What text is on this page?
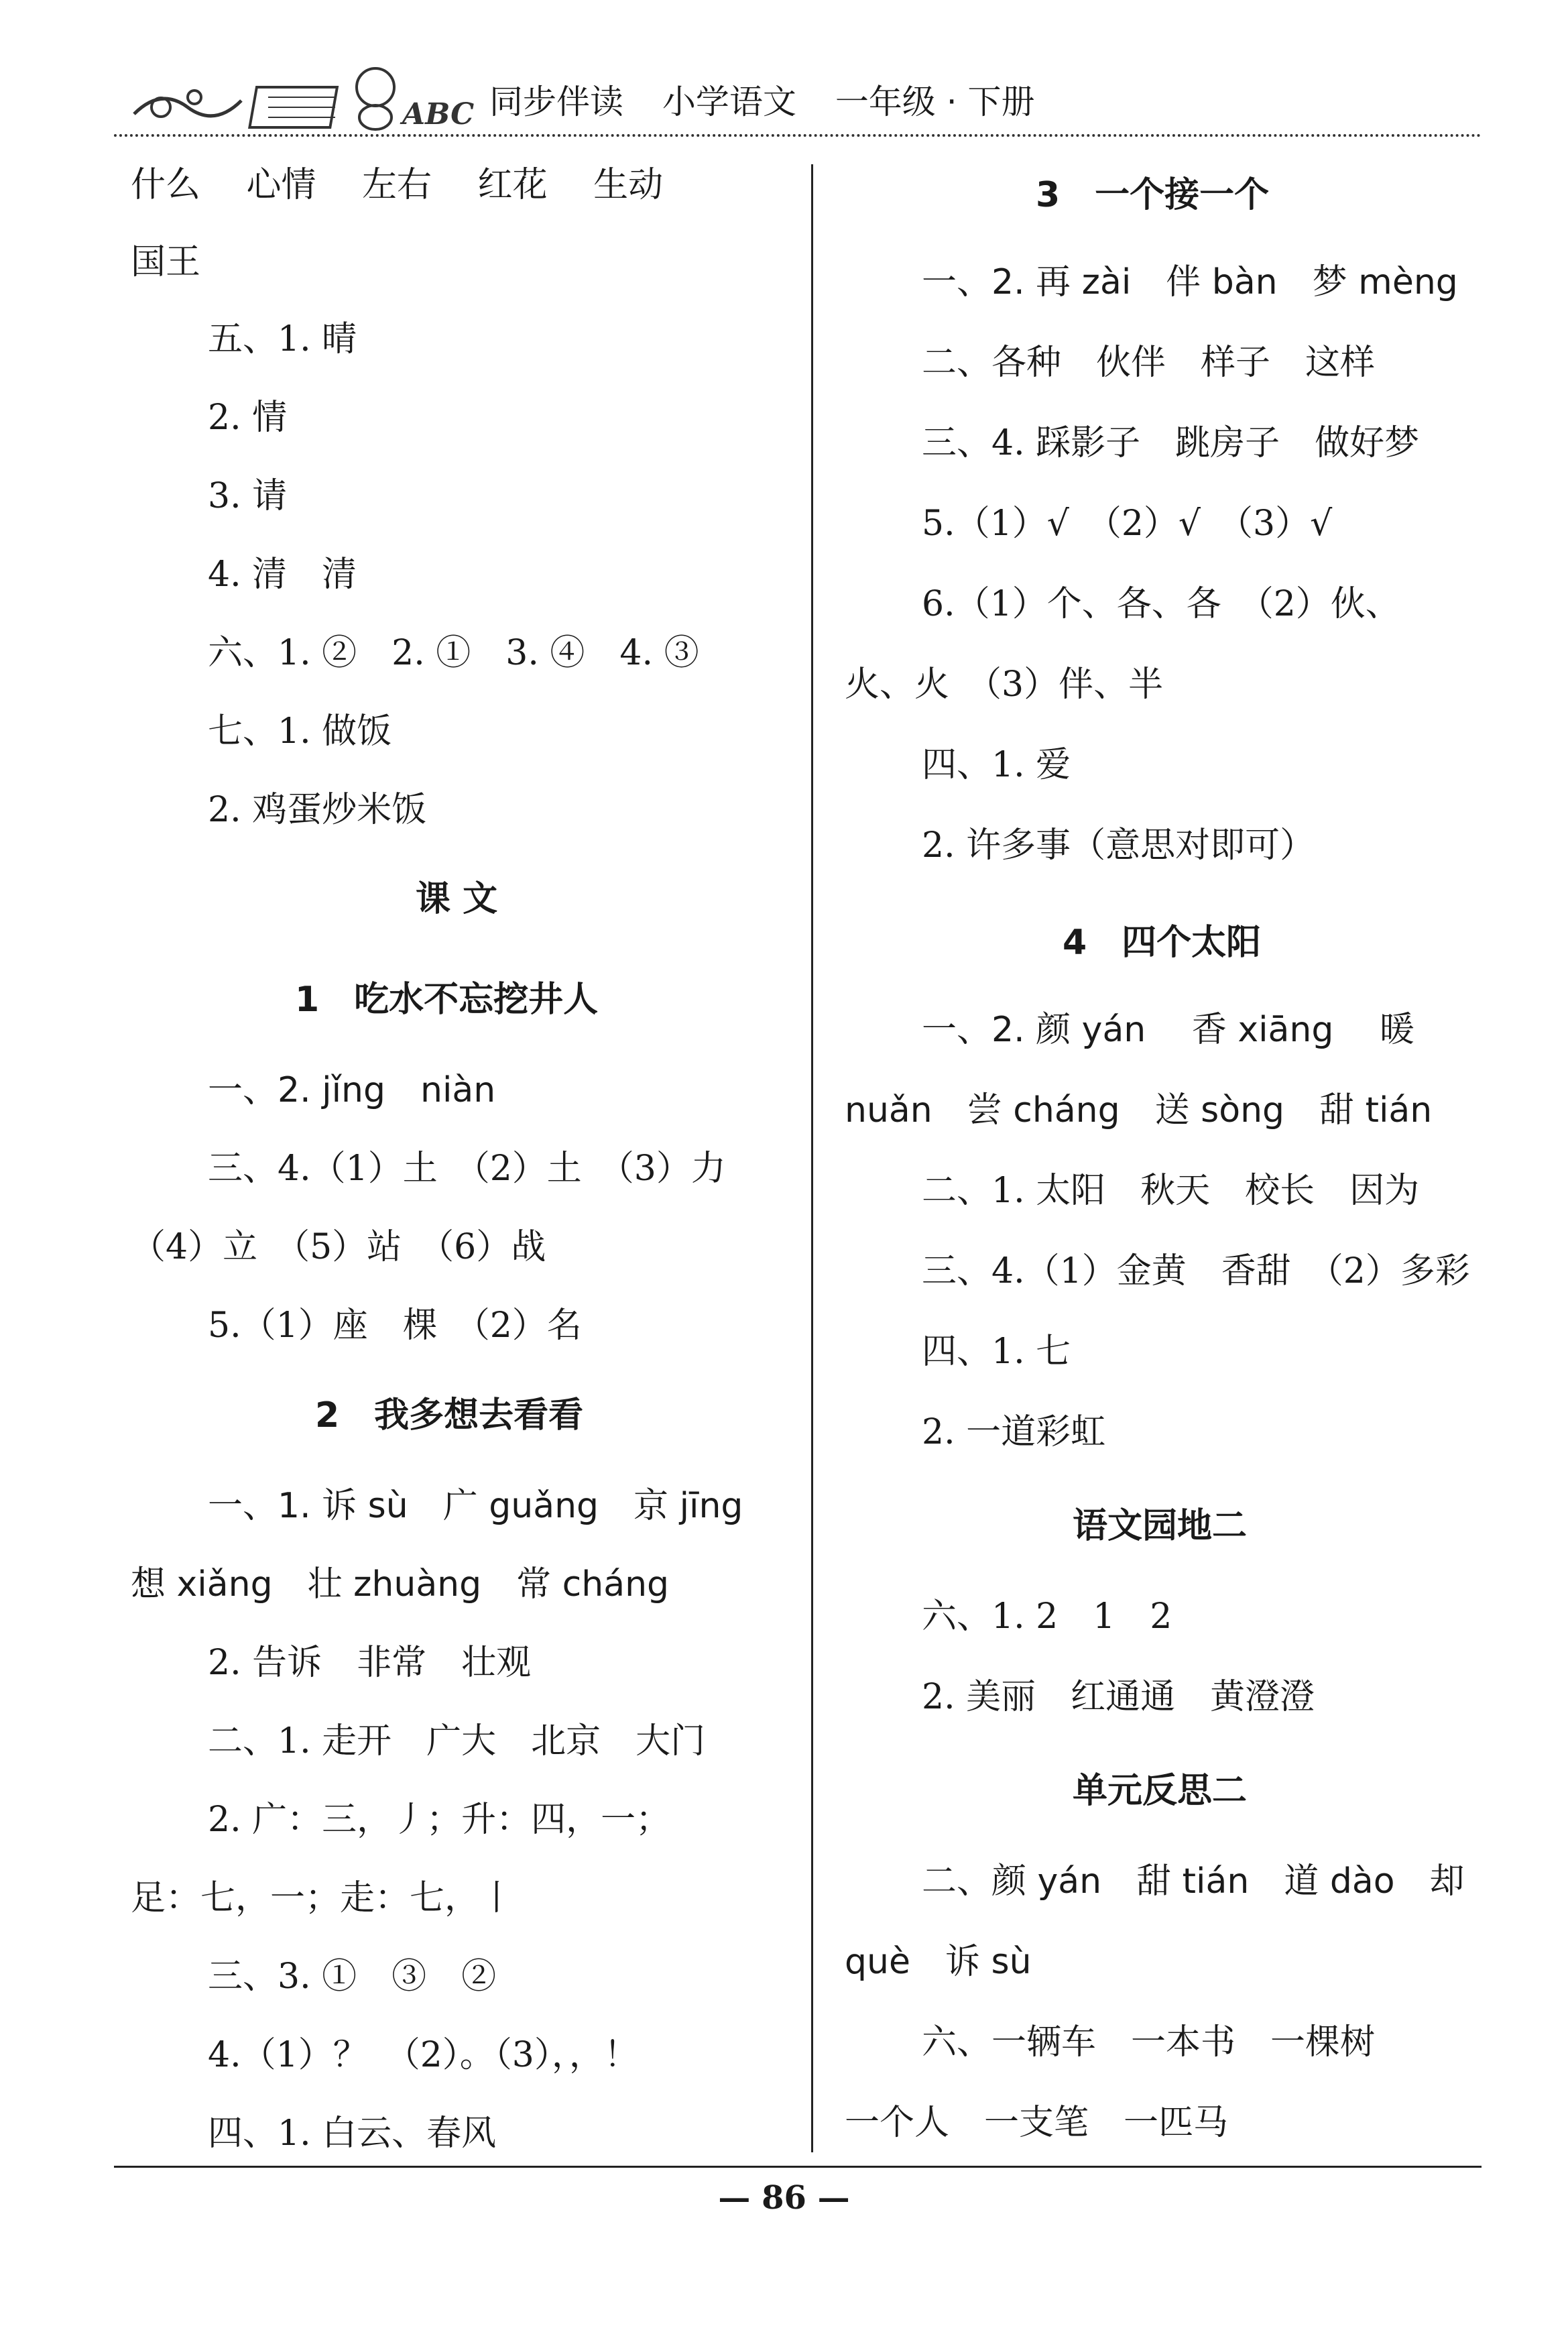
ABC 同步伴读 小学语文 一年级 · 下册
什么　 心情　 左右　 红花　 生动
国王
五、1. 晴
2. 情
3. 请
4. 清　清
六、1. ②　2. ①　3. ④　4. ③
七、1. 做饭
2. 鸡蛋炒米饭
课 文
1　吃水不忘挖井人
一、2. jǐng　niàn
三、4.（1）土　（2）土　（3）力
（4）立　（5）站　（6）战
5.（1）座　棵　（2）名
2　我多想去看看
一、1. 诉 sù　广 guǎng　京 jīng
想 xiǎng　壮 zhuàng　常 cháng
2. 告诉　非常　壮观
二、1. 走开　广大　北京　大门
2. 广：三，丿；升：四，一；
足：七，一；走：七，丨
三、3. ①　③　②
4.（1）？　（2）。（3），，！
四、1. 白云、春风
3　一个接一个
一、2. 再 zài　伴 bàn　梦 mèng
二、各种　伙伴　样子　这样
三、4. 踩影子　跳房子　做好梦
5.（1）√　（2）√　（3）√
6.（1）个、各、各　（2）伙、
火、火　（3）伴、半
四、1. 爱
2. 许多事（意思对即可）
4　四个太阳
一、2. 颜 yán　 香 xiāng　 暖
nuǎn　尝 cháng　送 sòng　甜 tián
二、1. 太阳　秋天　校长　因为
三、4.（1）金黄　香甜　（2）多彩
四、1. 七
2. 一道彩虹
语文园地二
六、1. 2　1　2
2. 美丽　红通通　黄澄澄
单元反思二
二、颜 yán　甜 tián　道 dào　却
què　诉 sù
六、一辆车　一本书　一棵树
一个人　一支笔　一匹马
— 86 —
